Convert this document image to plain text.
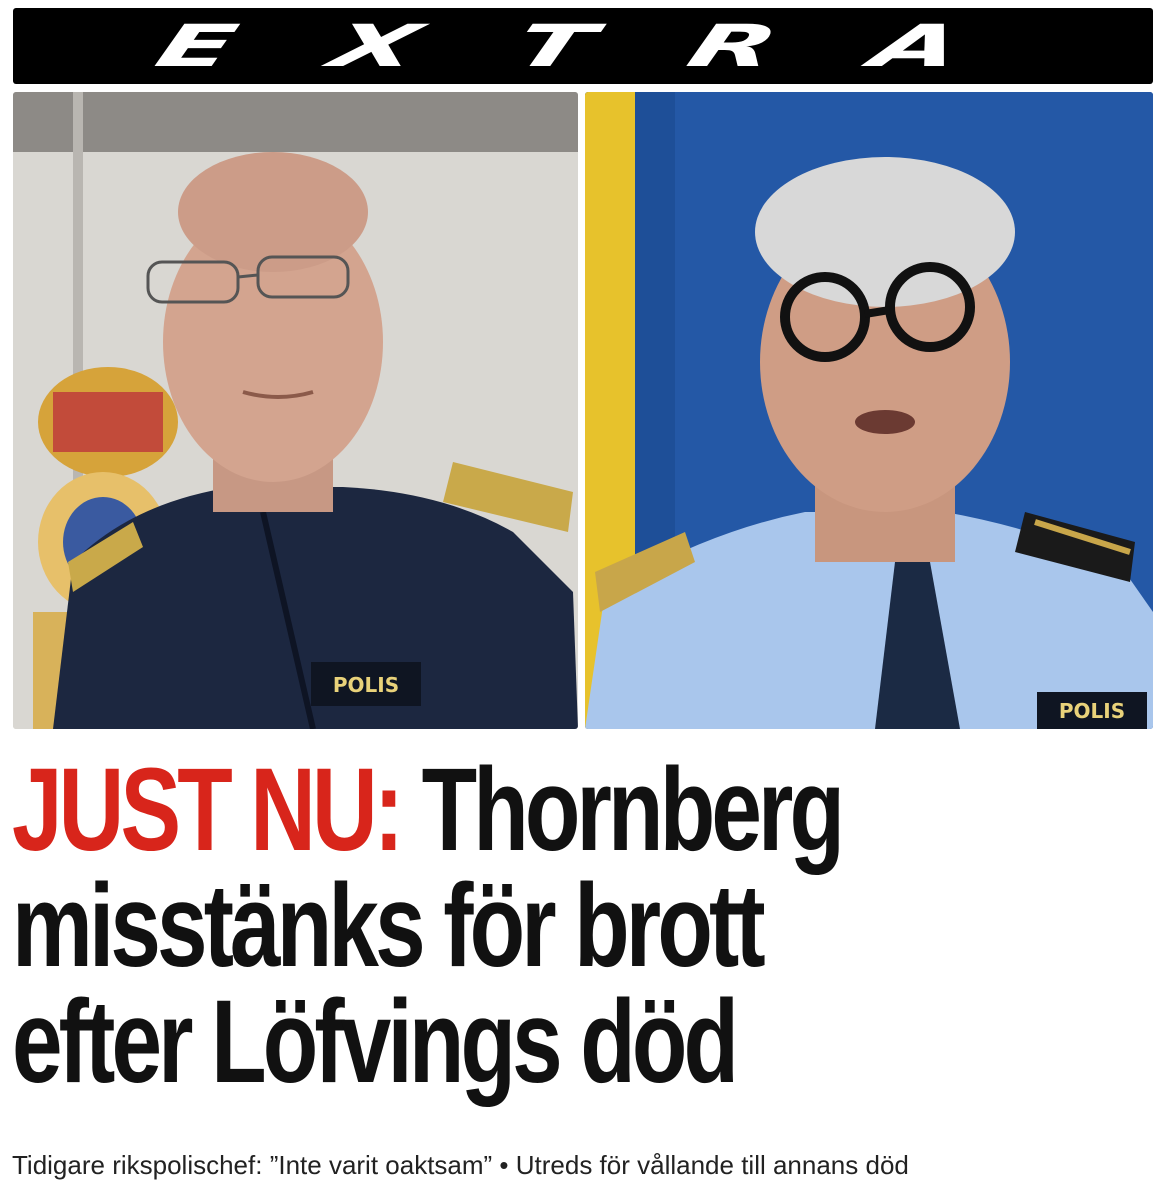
EXTRA
POLIS
POLIS
JUST NU: Thornberg
misstänks för brott
efter Löfvings död
Tidigare rikspolischef: ”Inte varit oaktsam” • Utreds för vållande till annans död
